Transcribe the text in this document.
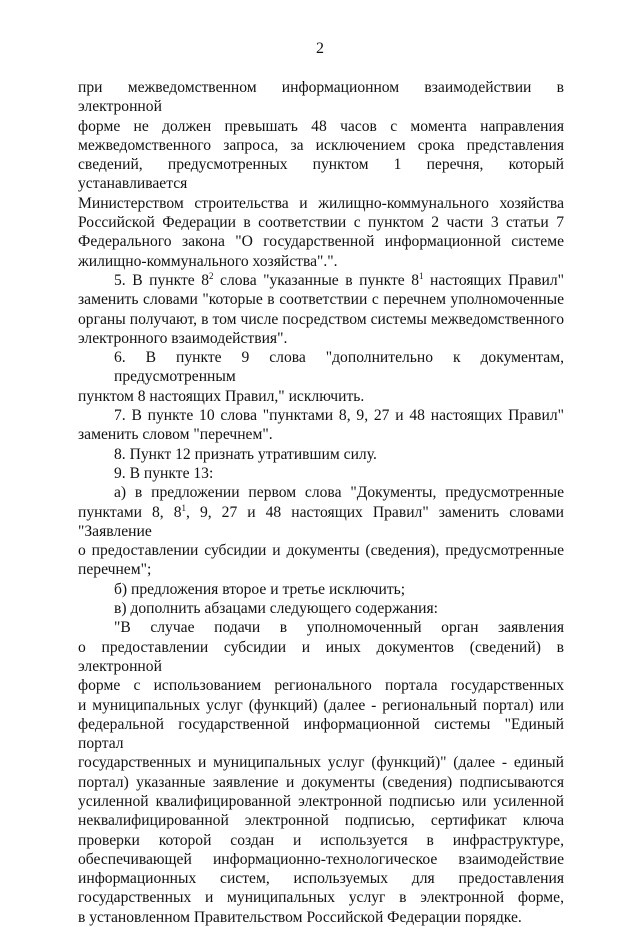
2
при межведомственном информационном взаимодействии в электронной
форме не должен превышать 48 часов с момента направления
межведомственного запроса, за исключением срока представления
сведений, предусмотренных пунктом 1 перечня, который устанавливается
Министерством строительства и жилищно-коммунального хозяйства
Российской Федерации в соответствии с пунктом 2 части 3 статьи 7
Федерального закона "О государственной информационной системе
жилищно-коммунального хозяйства".".
5. В пункте $8^2$ слова "указанные в пункте $8^1$ настоящих Правил"
заменить словами "которые в соответствии с перечнем уполномоченные
органы получают, в том числе посредством системы межведомственного
электронного взаимодействия".
6. В пункте 9 слова "дополнительно к документам, предусмотренным
пунктом 8 настоящих Правил," исключить.
7. В пункте 10 слова "пунктами 8, 9, 27 и 48 настоящих Правил"
заменить словом "перечнем".
8. Пункт 12 признать утратившим силу.
9. В пункте 13:
а) в предложении первом слова "Документы, предусмотренные
пунктами 8, $8^1$, 9, 27 и 48 настоящих Правил" заменить словами "Заявление
о предоставлении субсидии и документы (сведения), предусмотренные
перечнем";
б) предложения второе и третье исключить;
в) дополнить абзацами следующего содержания:
"В случае подачи в уполномоченный орган заявления
о предоставлении субсидии и иных документов (сведений) в электронной
форме с использованием регионального портала государственных
и муниципальных услуг (функций) (далее - региональный портал) или
федеральной государственной информационной системы "Единый портал
государственных и муниципальных услуг (функций)" (далее - единый
портал) указанные заявление и документы (сведения) подписываются
усиленной квалифицированной электронной подписью или усиленной
неквалифицированной электронной подписью, сертификат ключа
проверки которой создан и используется в инфраструктуре,
обеспечивающей информационно-технологическое взаимодействие
информационных систем, используемых для предоставления
государственных и муниципальных услуг в электронной форме,
в установленном Правительством Российской Федерации порядке.
